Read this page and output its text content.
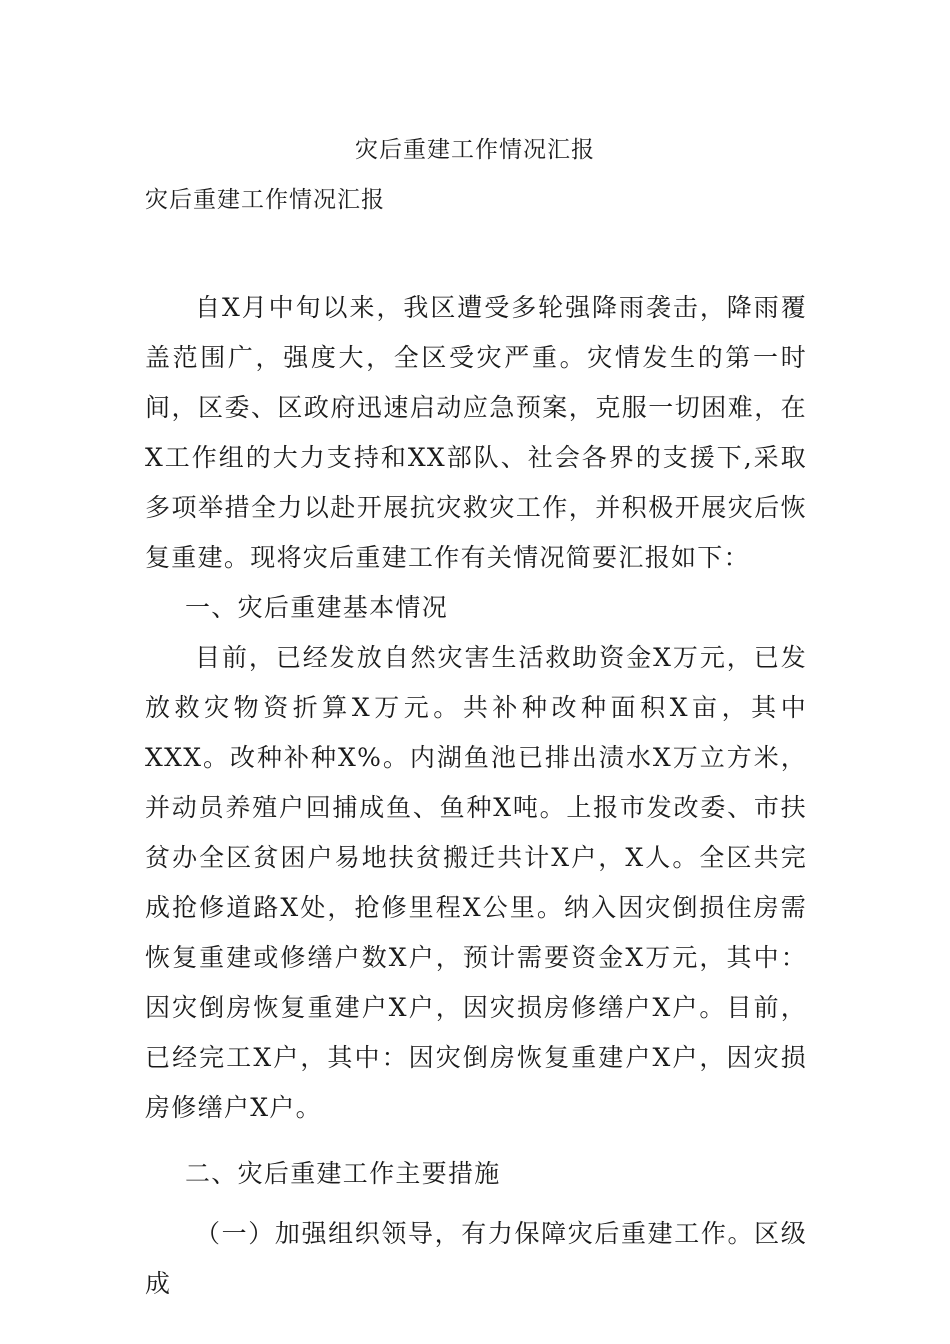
灾后重建工作情况汇报
灾后重建工作情况汇报

自X月中旬以来，我区遭受多轮强降雨袭击，降雨覆盖范围广，强度大，全区受灾严重。灾情发生的第一时间，区委、区政府迅速启动应急预案，克服一切困难，在X工作组的大力支持和XX部队、社会各界的支援下,采取多项举措全力以赴开展抗灾救灾工作，并积极开展灾后恢复重建。现将灾后重建工作有关情况简要汇报如下：

一、灾后重建基本情况

目前，已经发放自然灾害生活救助资金X万元，已发放救灾物资折算X万元。共补种改种面积X亩，其中XXX。改种补种X%。内湖鱼池已排出渍水X万立方米，并动员养殖户回捕成鱼、鱼种X吨。上报市发改委、市扶贫办全区贫困户易地扶贫搬迁共计X户，X人。全区共完成抢修道路X处，抢修里程X公里。纳入因灾倒损住房需恢复重建或修缮户数X户，预计需要资金X万元，其中：因灾倒房恢复重建户X户，因灾损房修缮户X户。目前，已经完工X户，其中：因灾倒房恢复重建户X户，因灾损房修缮户X户。

二、灾后重建工作主要措施

（一）加强组织领导，有力保障灾后重建工作。区级成
